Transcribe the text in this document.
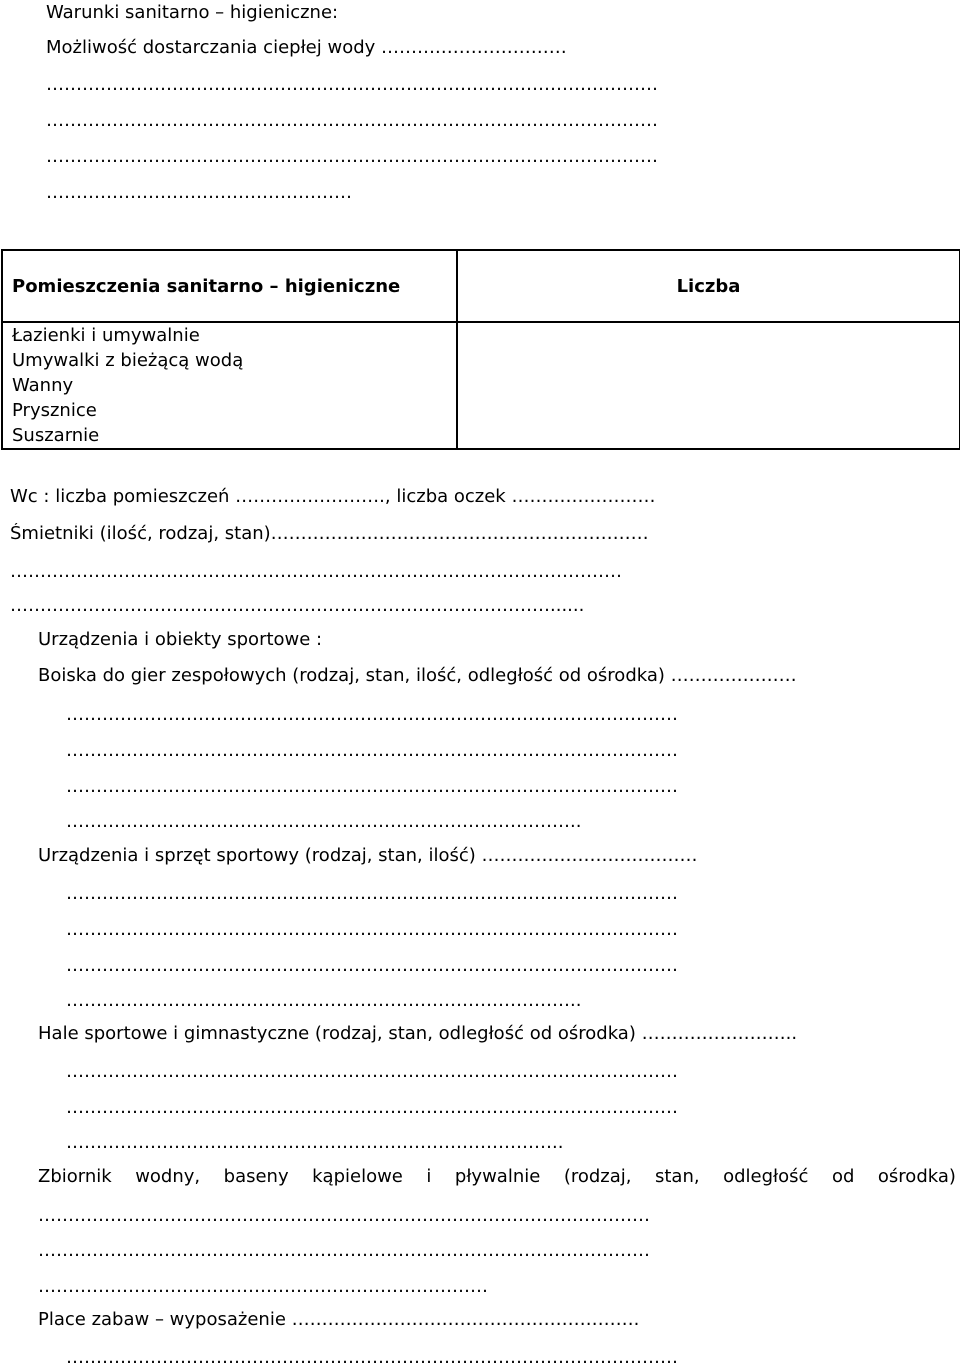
Warunki sanitarno – higieniczne:
Możliwość dostarczania ciepłej wody ……….…………………
…………………………………………………………………………………………
…………………………………………………………………………………………
…………………………………………………………………………………………
……………………………………………
Pomieszczenia sanitarno – higieniczne	Liczba

Łazienki i umywalnie
Umywalki z bieżącą wodą
Wanny
Prysznice
Suszarnie	

Wc : liczba pomieszczeń ……………………., liczba oczek ……………………
Śmietniki (ilość, rodzaj, stan)………………………………………………………
…………………………………………………………………………………………
………………………………………………………………………………......
Urządzenia i obiekty sportowe :
Boiska do gier zespołowych (rodzaj, stan, ilość, odległość od ośrodka) …………………
…………………………………………………………………………………………
…………………………………………………………………………………………
…………………………………………………………………………………………
…………………………………………………………………………..
Urządzenia i sprzęt sportowy (rodzaj, stan, ilość) ………………………………
…………………………………………………………………………………………
…………………………………………………………………………………………
…………………………………………………………………………………………
…………………………………………………………………………..
Hale sportowe i gimnastyczne (rodzaj, stan, odległość od ośrodka) ……………………..
…………………………………………………………………………………………
…………………………………………………………………………………………
………………………………………………………………………..
Zbiornik wodny, baseny kąpielowe i pływalnie (rodzaj, stan, odległość od ośrodka)
…………………………………………………………………………………………
…………………………………………………………………………………………
…………………………………………………………………
Place zabaw – wyposażenie ………………………………………………….
…………………………………………………………………………………………
